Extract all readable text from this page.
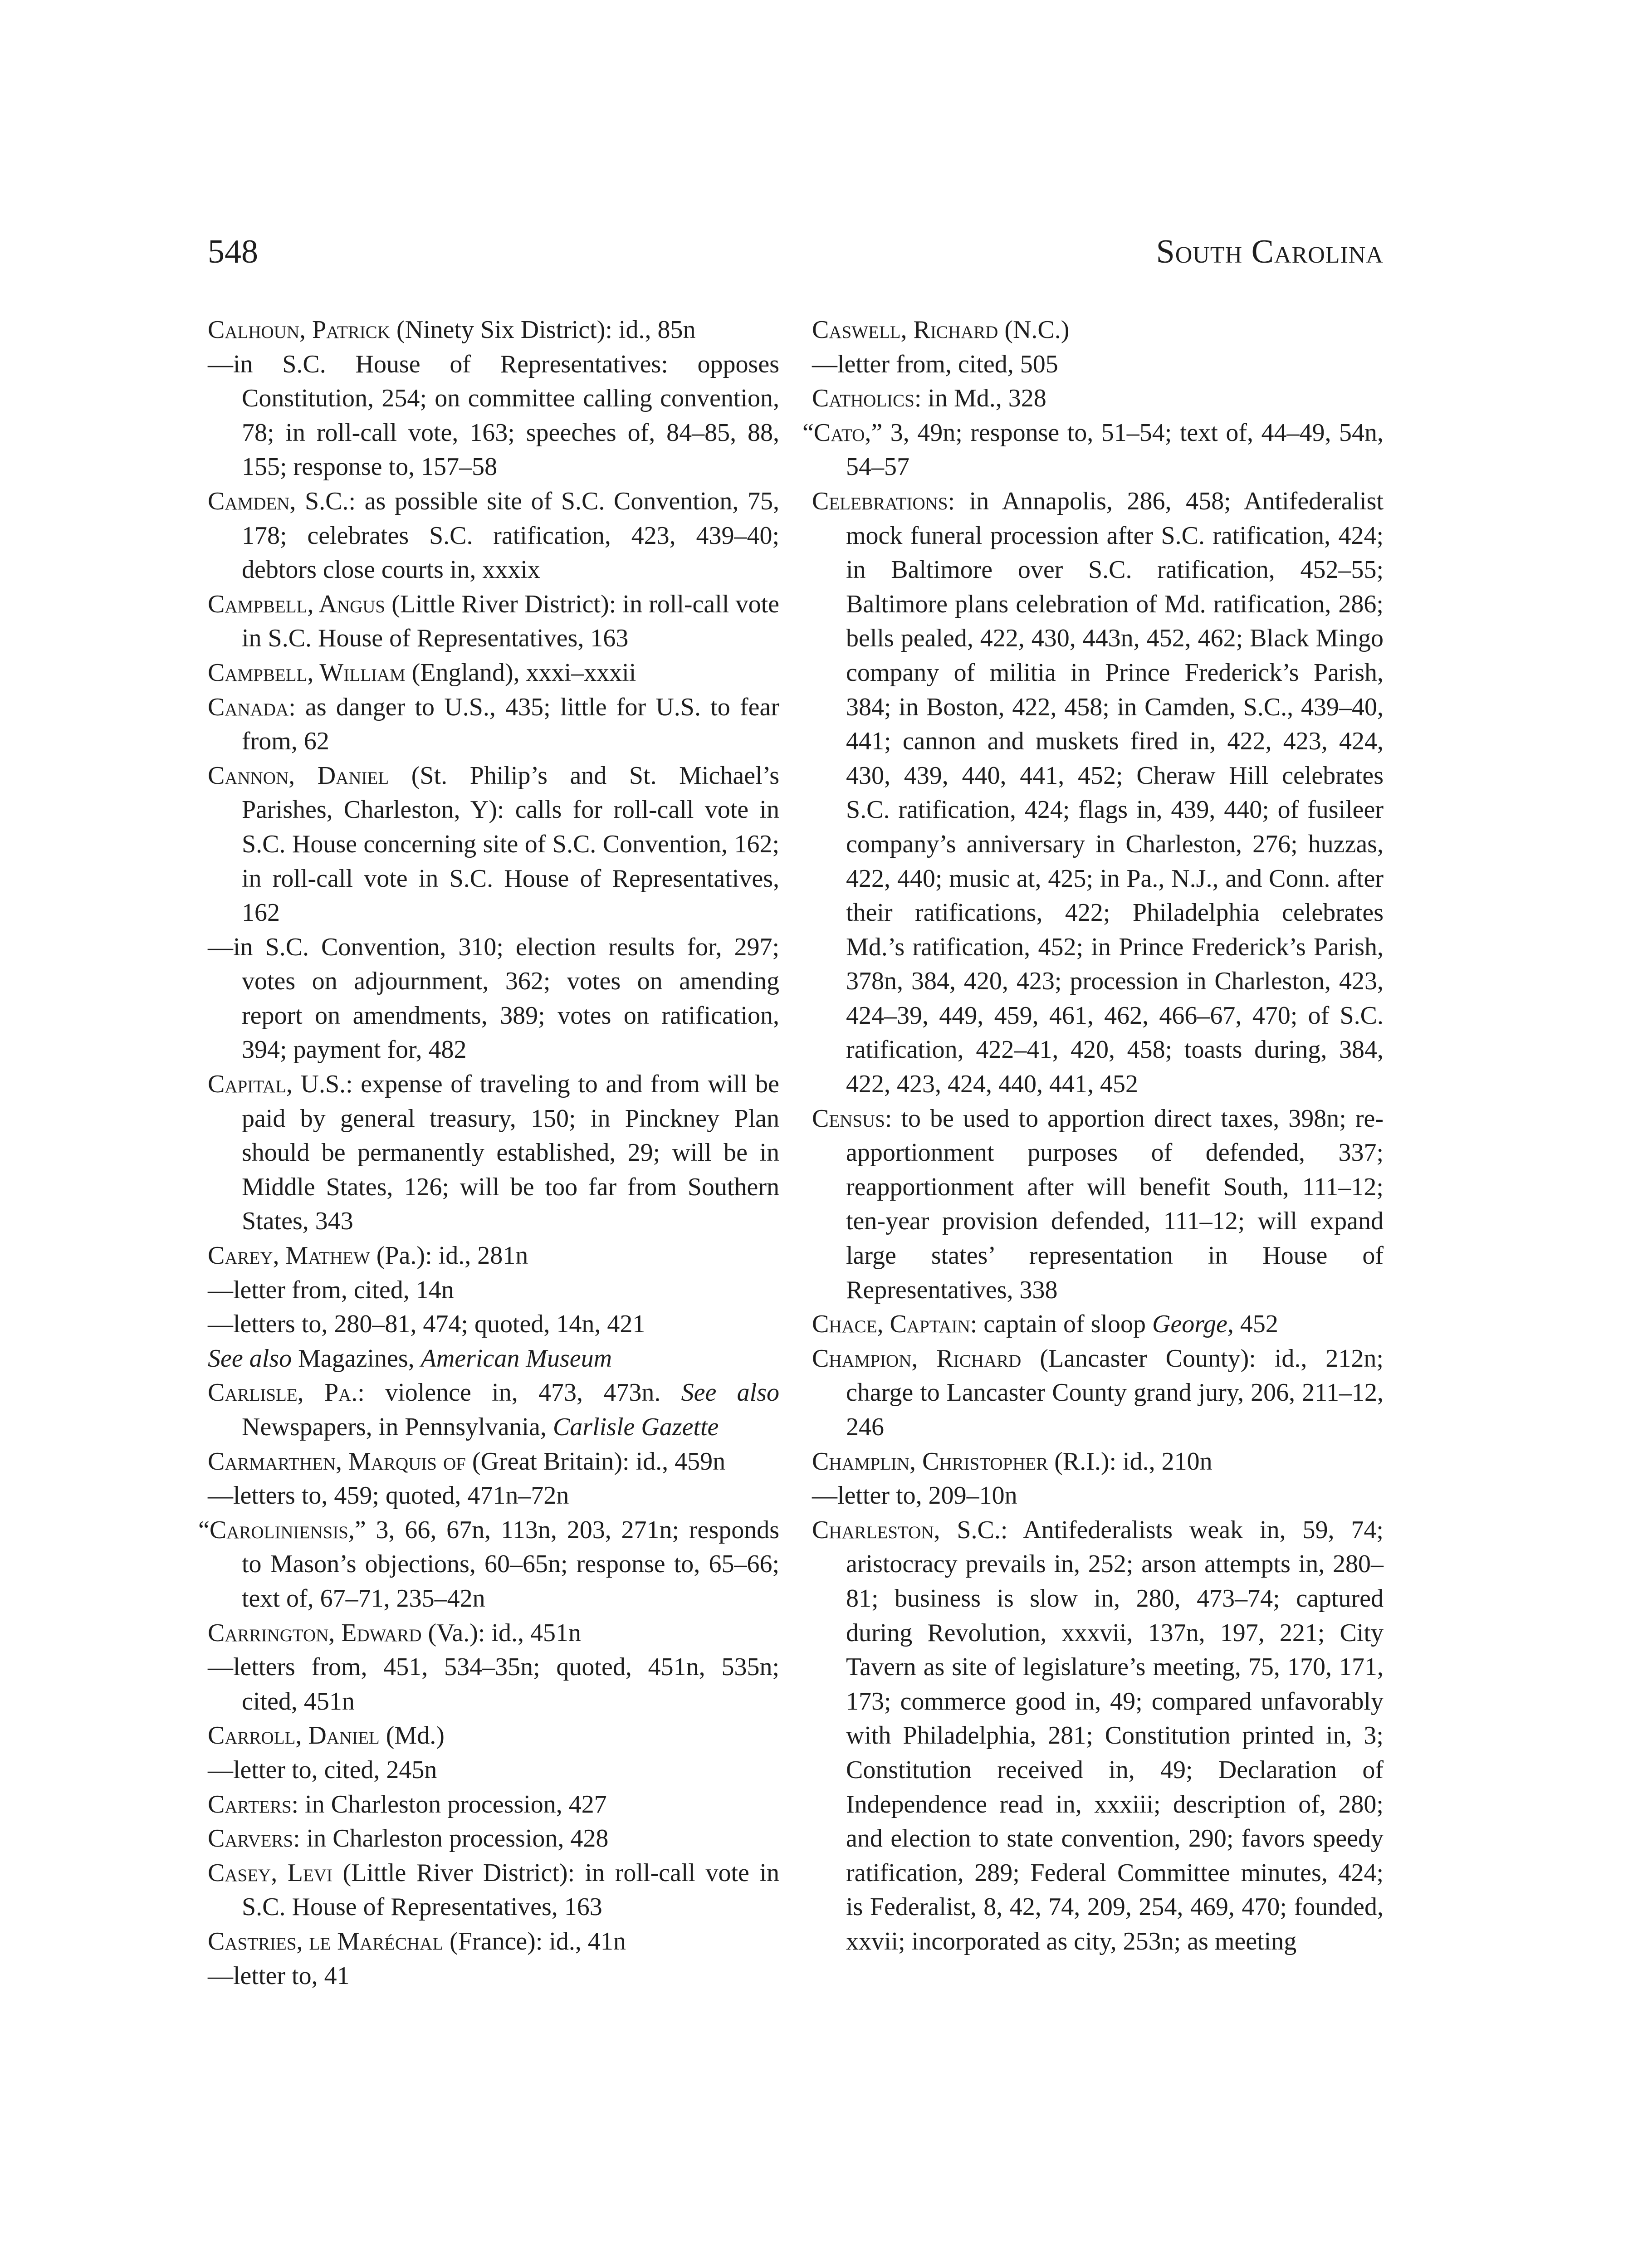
548	South Carolina

Calhoun, Patrick (Ninety Six District): id., 85n

—in S.C. House of Representatives: opposes Constitution, 254; on committee calling convention, 78; in roll-call vote, 163; speeches of, 84–85, 88, 155; response to, 157–58

Camden, S.C.: as possible site of S.C. Convention, 75, 178; celebrates S.C. ratification, 423, 439–40; debtors close courts in, xxxix

Campbell, Angus (Little River District): in roll-call vote in S.C. House of Representatives, 163

Campbell, William (England), xxxi–xxxii

Canada: as danger to U.S., 435; little for U.S. to fear from, 62

Cannon, Daniel (St. Philip’s and St. Michael’s Parishes, Charleston, Y): calls for roll-call vote in S.C. House concerning site of S.C. Convention, 162; in roll-call vote in S.C. House of Representatives, 162

—in S.C. Convention, 310; election results for, 297; votes on adjournment, 362; votes on amending report on amendments, 389; votes on ratification, 394; payment for, 482

Capital, U.S.: expense of traveling to and from will be paid by general treasury, 150; in Pinckney Plan should be permanently established, 29; will be in Middle States, 126; will be too far from Southern States, 343

Carey, Mathew (Pa.): id., 281n

—letter from, cited, 14n

—letters to, 280–81, 474; quoted, 14n, 421

See also Magazines, American Museum

Carlisle, Pa.: violence in, 473, 473n. See also Newspapers, in Pennsylvania, Carlisle Gazette

Carmarthen, Marquis of (Great Britain): id., 459n

—letters to, 459; quoted, 471n–72n

“Caroliniensis,” 3, 66, 67n, 113n, 203, 271n; responds to Mason’s objections, 60–65n; response to, 65–66; text of, 67–71, 235–42n

Carrington, Edward (Va.): id., 451n

—letters from, 451, 534–35n; quoted, 451n, 535n; cited, 451n

Carroll, Daniel (Md.)

—letter to, cited, 245n

Carters: in Charleston procession, 427

Carvers: in Charleston procession, 428

Casey, Levi (Little River District): in roll-call vote in S.C. House of Representatives, 163

Castries, le Maréchal (France): id., 41n

—letter to, 41

Caswell, Richard (N.C.)

—letter from, cited, 505

Catholics: in Md., 328

“Cato,” 3, 49n; response to, 51–54; text of, 44–49, 54n, 54–57

Celebrations: in Annapolis, 286, 458; Antifederalist mock funeral procession after S.C. ratification, 424; in Baltimore over S.C. ratification, 452–55; Baltimore plans celebration of Md. ratification, 286; bells pealed, 422, 430, 443n, 452, 462; Black Mingo company of militia in Prince Frederick’s Parish, 384; in Boston, 422, 458; in Camden, S.C., 439–40, 441; cannon and muskets fired in, 422, 423, 424, 430, 439, 440, 441, 452; Cheraw Hill celebrates S.C. ratification, 424; flags in, 439, 440; of fusileer company’s anniversary in Charleston, 276; huzzas, 422, 440; music at, 425; in Pa., N.J., and Conn. after their ratifications, 422; Philadelphia celebrates Md.’s ratification, 452; in Prince Frederick’s Parish, 378n, 384, 420, 423; procession in Charleston, 423, 424–39, 449, 459, 461, 462, 466–67, 470; of S.C. ratification, 422–41, 420, 458; toasts during, 384, 422, 423, 424, 440, 441, 452

Census: to be used to apportion direct taxes, 398n; re-apportionment purposes of defended, 337; reapportionment after will benefit South, 111–12; ten-year provision defended, 111–12; will expand large states’ representation in House of Representatives, 338

Chace, Captain: captain of sloop George, 452

Champion, Richard (Lancaster County): id., 212n; charge to Lancaster County grand jury, 206, 211–12, 246

Champlin, Christopher (R.I.): id., 210n

—letter to, 209–10n

Charleston, S.C.: Antifederalists weak in, 59, 74; aristocracy prevails in, 252; arson attempts in, 280–81; business is slow in, 280, 473–74; captured during Revolution, xxxvii, 137n, 197, 221; City Tavern as site of legislature’s meeting, 75, 170, 171, 173; commerce good in, 49; compared unfavorably with Philadelphia, 281; Constitution printed in, 3; Constitution received in, 49; Declaration of Independence read in, xxxiii; description of, 280; and election to state convention, 290; favors speedy ratification, 289; Federal Committee minutes, 424; is Federalist, 8, 42, 74, 209, 254, 469, 470; founded, xxvii; incorporated as city, 253n; as meeting
